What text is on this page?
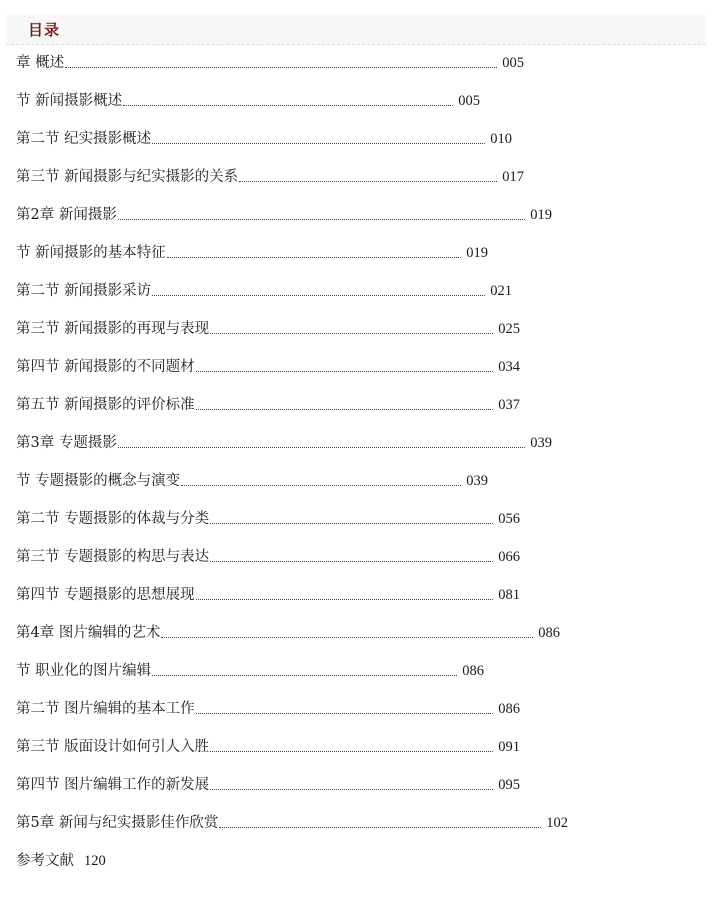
目录
章 概述	005
节 新闻摄影概述	005
第二节 纪实摄影概述	010
第三节 新闻摄影与纪实摄影的关系	017
第2章 新闻摄影	019
节 新闻摄影的基本特征	019
第二节 新闻摄影采访	021
第三节 新闻摄影的再现与表现	025
第四节 新闻摄影的不同题材	034
第五节 新闻摄影的评价标准	037
第3章 专题摄影	039
节 专题摄影的概念与演变	039
第二节 专题摄影的体裁与分类	056
第三节 专题摄影的构思与表达	066
第四节 专题摄影的思想展现	081
第4章 图片编辑的艺术	086
节 职业化的图片编辑	086
第二节 图片编辑的基本工作	086
第三节 版面设计如何引人入胜	091
第四节 图片编辑工作的新发展	095
第5章 新闻与纪实摄影佳作欣赏	102
参考文献 120
